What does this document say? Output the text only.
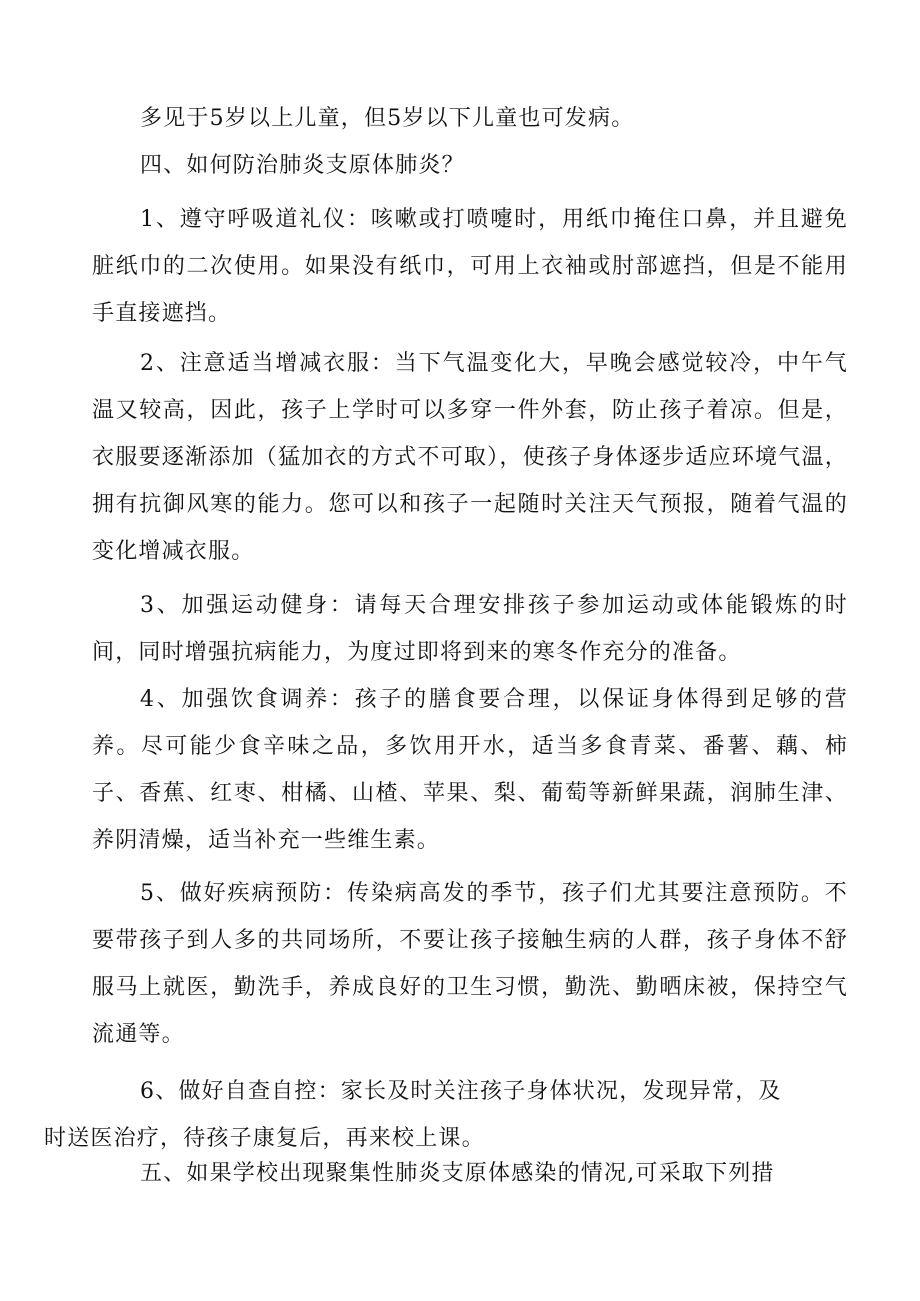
多见于5岁以上儿童，但5岁以下儿童也可发病。

四、如何防治肺炎支原体肺炎？

1、遵守呼吸道礼仪：咳嗽或打喷嚏时，用纸巾掩住口鼻，并且避免脏纸巾的二次使用。如果没有纸巾，可用上衣袖或肘部遮挡，但是不能用手直接遮挡。

2、注意适当增减衣服：当下气温变化大，早晚会感觉较冷，中午气温又较高，因此，孩子上学时可以多穿一件外套，防止孩子着凉。但是，衣服要逐渐添加（猛加衣的方式不可取），使孩子身体逐步适应环境气温，拥有抗御风寒的能力。您可以和孩子一起随时关注天气预报，随着气温的变化增减衣服。

3、加强运动健身：请每天合理安排孩子参加运动或体能锻炼的时间，同时增强抗病能力，为度过即将到来的寒冬作充分的准备。

4、加强饮食调养：孩子的膳食要合理，以保证身体得到足够的营养。尽可能少食辛味之品，多饮用开水，适当多食青菜、番薯、藕、柿子、香蕉、红枣、柑橘、山楂、苹果、梨、葡萄等新鲜果蔬，润肺生津、养阴清燥，适当补充一些维生素。

5、做好疾病预防：传染病高发的季节，孩子们尤其要注意预防。不要带孩子到人多的共同场所，不要让孩子接触生病的人群，孩子身体不舒服马上就医，勤洗手，养成良好的卫生习惯，勤洗、勤晒床被，保持空气流通等。

6、做好自查自控：家长及时关注孩子身体状况，发现异常，及
时送医治疗，待孩子康复后，再来校上课。

五、如果学校出现聚集性肺炎支原体感染的情况,可采取下列措
